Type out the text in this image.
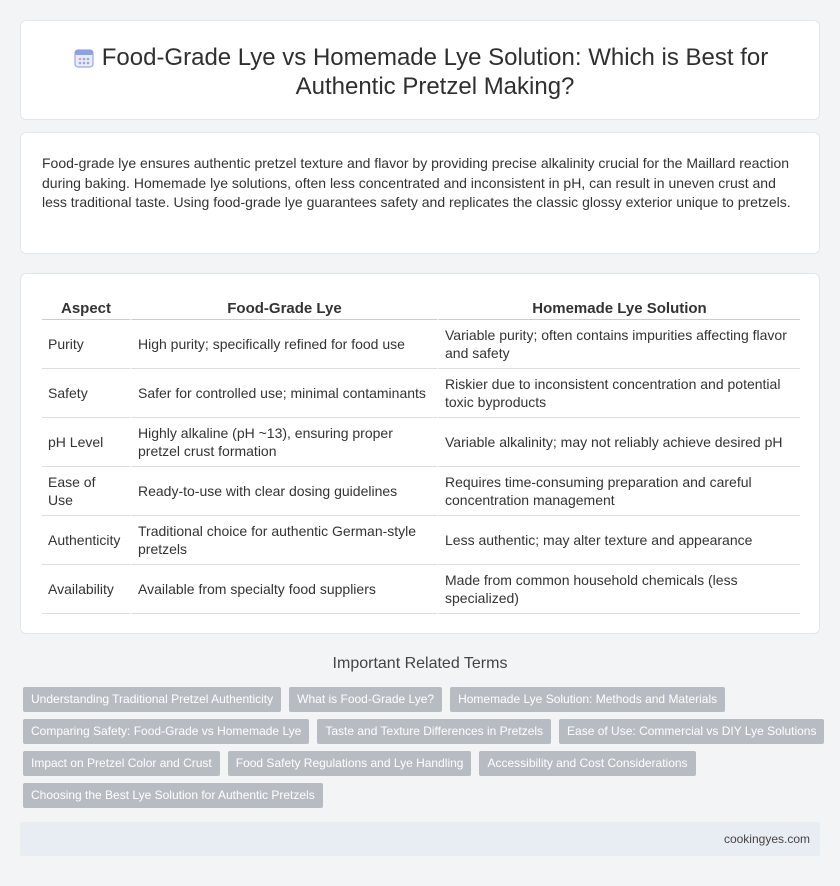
Food-Grade Lye vs Homemade Lye Solution: Which is Best for Authentic Pretzel Making?

Food-grade lye ensures authentic pretzel texture and flavor by providing precise alkalinity crucial for the Maillard reaction during baking. Homemade lye solutions, often less concentrated and inconsistent in pH, can result in uneven crust and less traditional taste. Using food-grade lye guarantees safety and replicates the classic glossy exterior unique to pretzels.

Aspect	Food-Grade Lye	Homemade Lye Solution
Purity	High purity; specifically refined for food use	Variable purity; often contains impurities affecting flavor and safety
Safety	Safer for controlled use; minimal contaminants	Riskier due to inconsistent concentration and potential toxic byproducts
pH Level	Highly alkaline (pH ~13), ensuring proper pretzel crust formation	Variable alkalinity; may not reliably achieve desired pH
Ease of Use	Ready-to-use with clear dosing guidelines	Requires time-consuming preparation and careful concentration management
Authenticity	Traditional choice for authentic German-style pretzels	Less authentic; may alter texture and appearance
Availability	Available from specialty food suppliers	Made from common household chemicals (less specialized)
Important Related Terms
Understanding Traditional Pretzel Authenticity	What is Food-Grade Lye?	Homemade Lye Solution: Methods and Materials
Comparing Safety: Food-Grade vs Homemade Lye	Taste and Texture Differences in Pretzels	Ease of Use: Commercial vs DIY Lye Solutions
Impact on Pretzel Color and Crust	Food Safety Regulations and Lye Handling	Accessibility and Cost Considerations
Choosing the Best Lye Solution for Authentic Pretzels
cookingyes.com
